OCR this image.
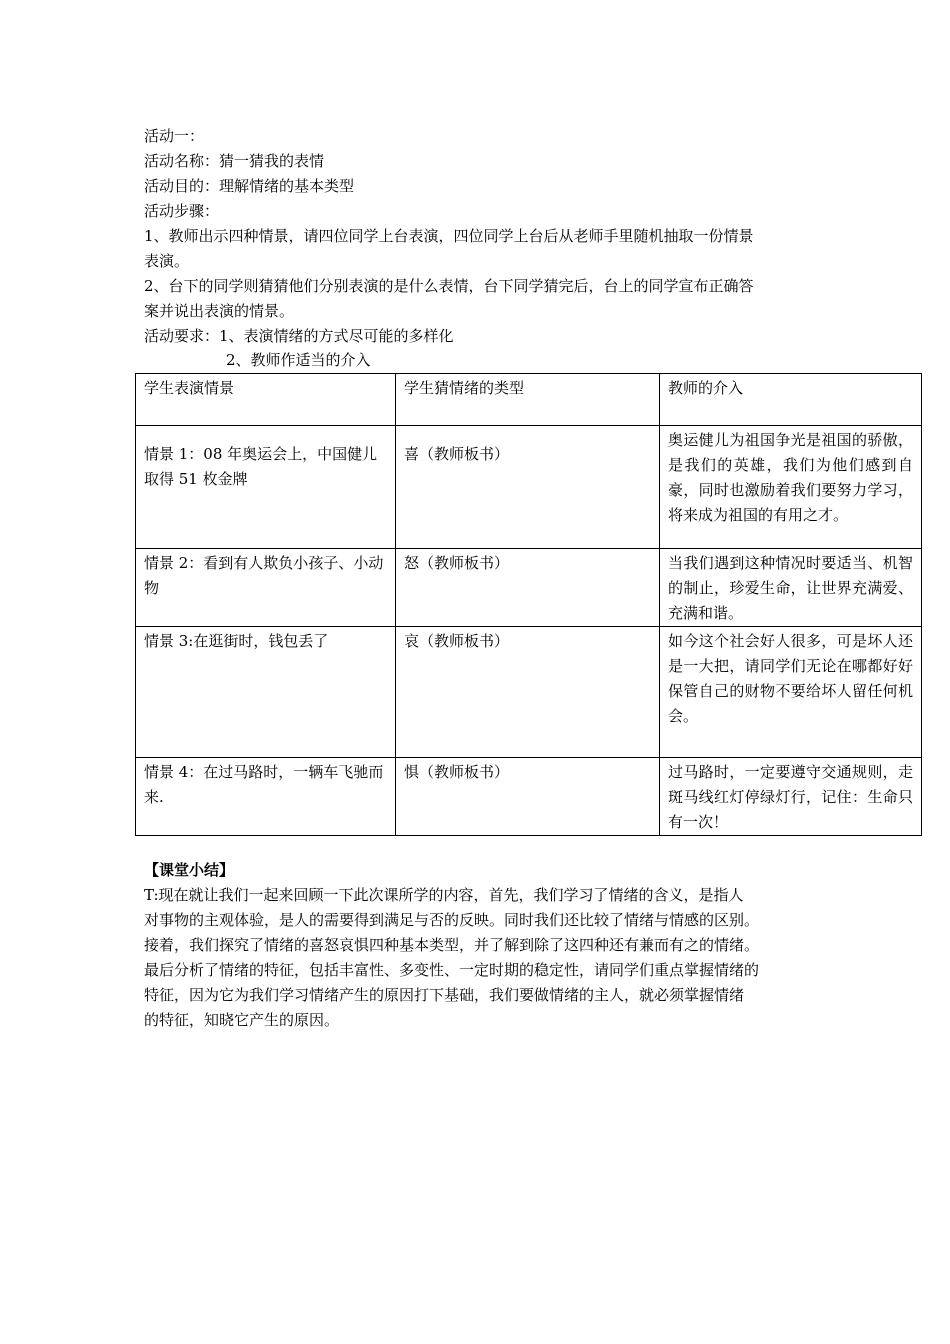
活动一：
活动名称：猜一猜我的表情
活动目的：理解情绪的基本类型
活动步骤：
1、教师出示四种情景，请四位同学上台表演，四位同学上台后从老师手里随机抽取一份情景
表演。
2、台下的同学则猜猜他们分别表演的是什么表情，台下同学猜完后，台上的同学宣布正确答
案并说出表演的情景。
活动要求：1、表演情绪的方式尽可能的多样化
2、教师作适当的介入
学生表演情景	学生猜情绪的类型	教师的介入
情景 1：08 年奥运会上，中国健儿取得 51 枚金牌	喜（教师板书）	奥运健儿为祖国争光是祖国的骄傲，是我们的英雄，我们为他们感到自豪，同时也激励着我们要努力学习，将来成为祖国的有用之才。
情景 2：看到有人欺负小孩子、小动物	怒（教师板书）	当我们遇到这种情况时要适当、机智的制止，珍爱生命，让世界充满爱、充满和谐。
情景 3:在逛街时，钱包丢了	哀（教师板书）	如今这个社会好人很多，可是坏人还是一大把，请同学们无论在哪都好好保管自己的财物不要给坏人留任何机会。
情景 4：在过马路时，一辆车飞驰而来.	惧（教师板书）	过马路时，一定要遵守交通规则，走斑马线红灯停绿灯行，记住：生命只有一次！
【课堂小结】
T:现在就让我们一起来回顾一下此次课所学的内容，首先，我们学习了情绪的含义，是指人
对事物的主观体验，是人的需要得到满足与否的反映。同时我们还比较了情绪与情感的区别。
接着，我们探究了情绪的喜怒哀惧四种基本类型，并了解到除了这四种还有兼而有之的情绪。
最后分析了情绪的特征，包括丰富性、多变性、一定时期的稳定性，请同学们重点掌握情绪的
特征，因为它为我们学习情绪产生的原因打下基础，我们要做情绪的主人，就必须掌握情绪
的特征，知晓它产生的原因。
